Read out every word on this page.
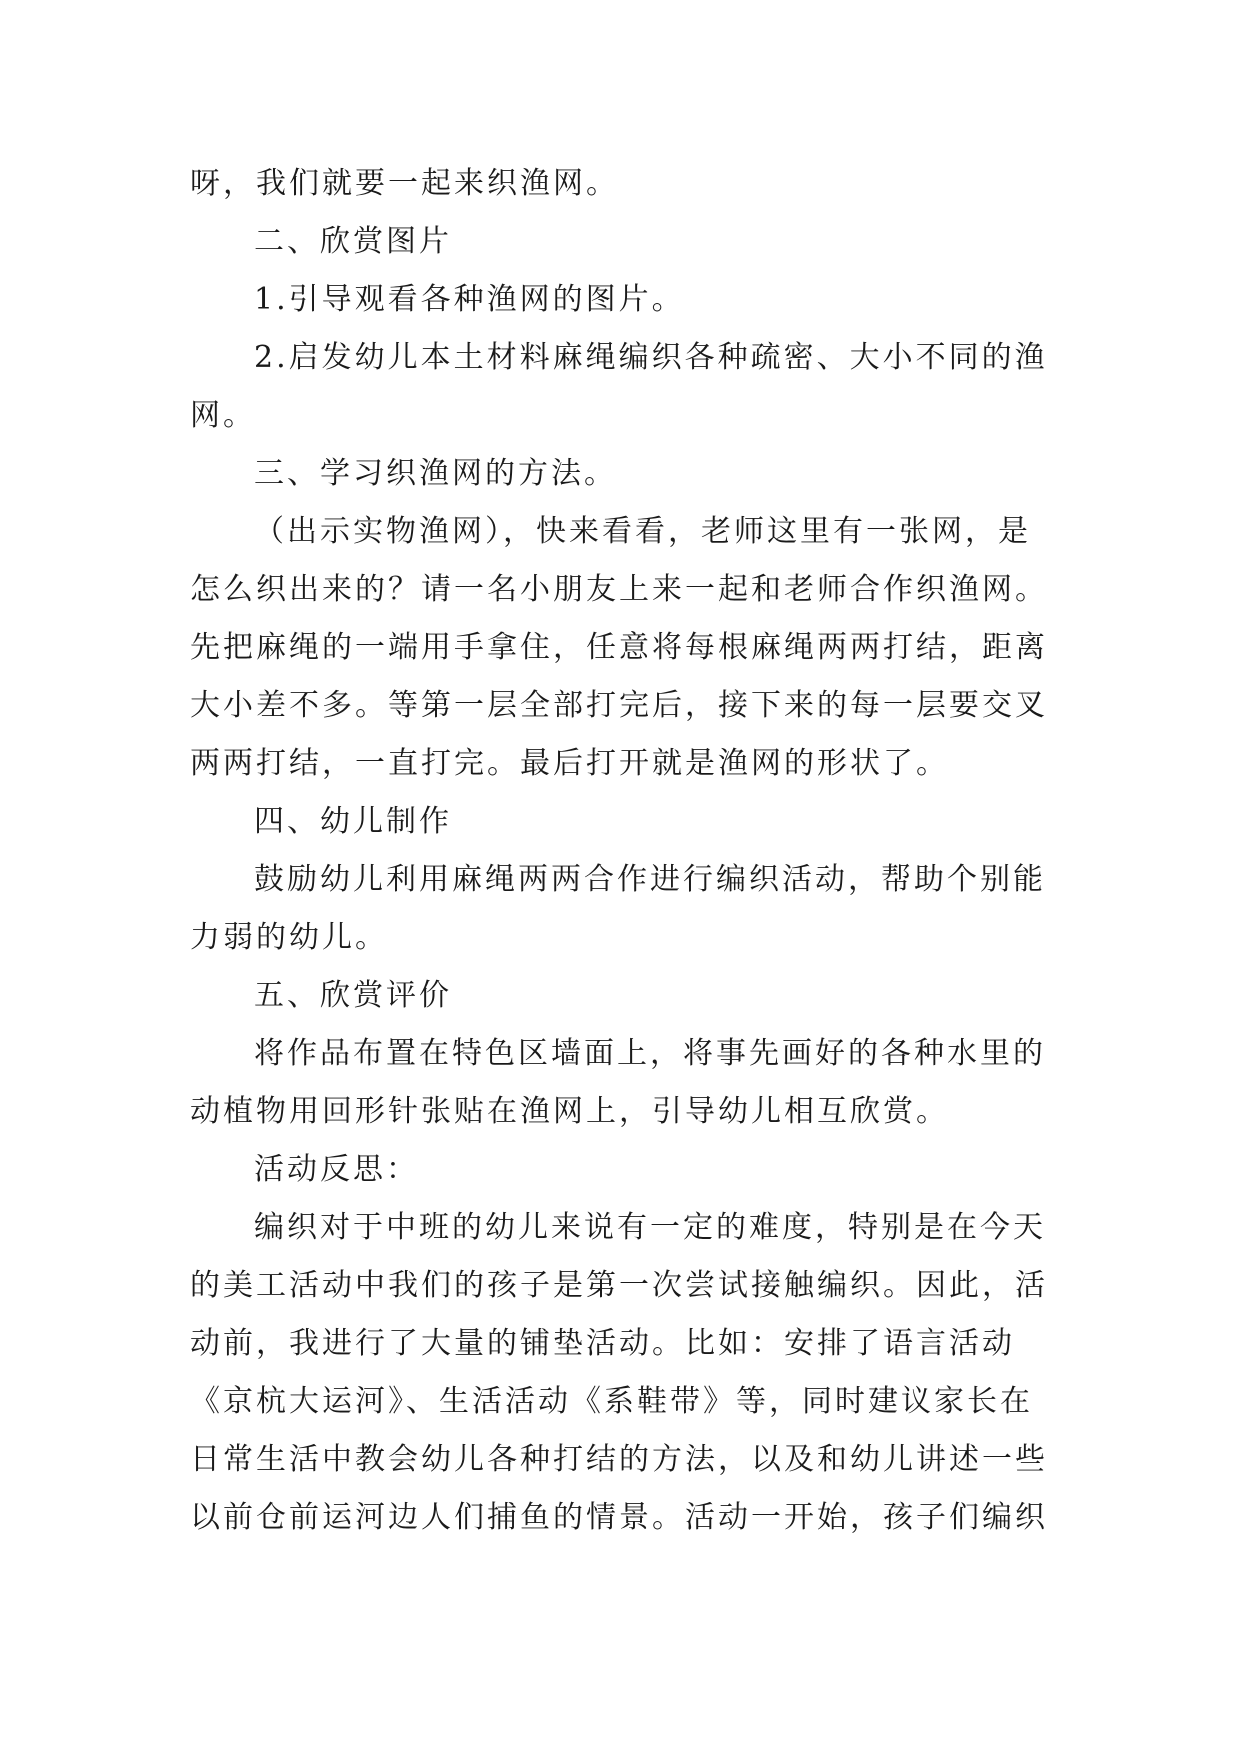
呀，我们就要一起来织渔网。
二、欣赏图片
1.引导观看各种渔网的图片。
2.启发幼儿本土材料麻绳编织各种疏密、大小不同的渔
网。
三、学习织渔网的方法。
（出示实物渔网），快来看看，老师这里有一张网，是
怎么织出来的？请一名小朋友上来一起和老师合作织渔网。
先把麻绳的一端用手拿住，任意将每根麻绳两两打结，距离
大小差不多。等第一层全部打完后，接下来的每一层要交叉
两两打结，一直打完。最后打开就是渔网的形状了。
四、幼儿制作
鼓励幼儿利用麻绳两两合作进行编织活动，帮助个别能
力弱的幼儿。
五、欣赏评价
将作品布置在特色区墙面上，将事先画好的各种水里的
动植物用回形针张贴在渔网上，引导幼儿相互欣赏。
活动反思：
编织对于中班的幼儿来说有一定的难度，特别是在今天
的美工活动中我们的孩子是第一次尝试接触编织。因此，活
动前，我进行了大量的铺垫活动。比如：安排了语言活动
《京杭大运河》、生活活动《系鞋带》等，同时建议家长在
日常生活中教会幼儿各种打结的方法，以及和幼儿讲述一些
以前仓前运河边人们捕鱼的情景。活动一开始，孩子们编织
